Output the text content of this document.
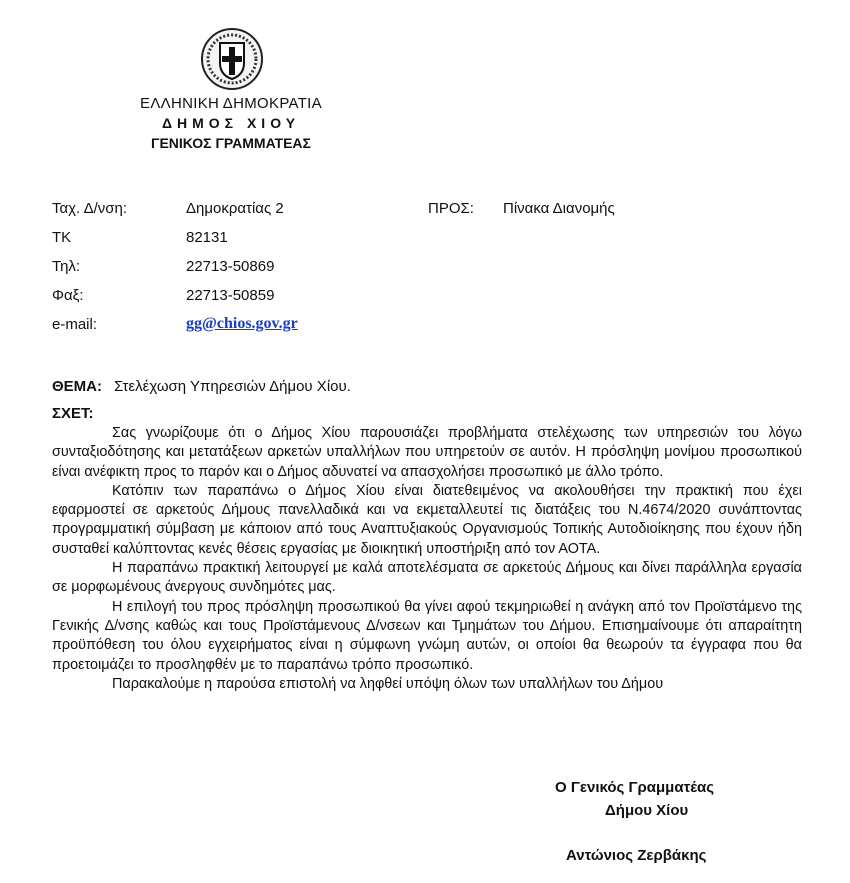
ΕΛΛΗΝΙΚΗ ΔΗΜΟΚΡΑΤΙΑ
ΔΗΜΟΣ ΧΙΟΥ
ΓΕΝΙΚΟΣ ΓΡΑΜΜΑΤΕΑΣ
Ταχ. Δ/νση:	Δημοκρατίας 2
ΤΚ	82131
Τηλ:	22713-50869
Φαξ:	22713-50859
e-mail:	gg@chios.gov.gr
ΠΡΟΣ: Πίνακα Διανομής
ΘΕΜΑ: Στελέχωση Υπηρεσιών Δήμου Χίου.
ΣΧΕΤ:

Σας γνωρίζουμε ότι ο Δήμος Χίου παρουσιάζει προβλήματα στελέχωσης των υπηρεσιών του λόγω συνταξιοδότησης και μετατάξεων αρκετών υπαλλήλων που υπηρετούν σε αυτόν. Η πρόσληψη μονίμου προσωπικού είναι ανέφικτη προς το παρόν και ο Δήμος αδυνατεί να απασχολήσει προσωπικό με άλλο τρόπο.

Κατόπιν των παραπάνω ο Δήμος Χίου είναι διατεθειμένος να ακολουθήσει την πρακτική που έχει εφαρμοστεί σε αρκετούς Δήμους πανελλαδικά και να εκμεταλλευτεί τις διατάξεις του Ν.4674/2020 συνάπτοντας προγραμματική σύμβαση με κάποιον από τους Αναπτυξιακούς Οργανισμούς Τοπικής Αυτοδιοίκησης που έχουν ήδη συσταθεί καλύπτοντας κενές θέσεις εργασίας με διοικητική υποστήριξη από τον ΑΟΤΑ.

Η παραπάνω πρακτική λειτουργεί με καλά αποτελέσματα σε αρκετούς Δήμους και δίνει παράλληλα εργασία σε μορφωμένους άνεργους συνδημότες μας.

Η επιλογή του προς πρόσληψη προσωπικού θα γίνει αφού τεκμηριωθεί η ανάγκη από τον Προϊστάμενο της Γενικής Δ/νσης καθώς και τους Προϊστάμενους Δ/νσεων και Τμημάτων του Δήμου. Επισημαίνουμε ότι απαραίτητη προϋπόθεση του όλου εγχειρήματος είναι η σύμφωνη γνώμη αυτών, οι οποίοι θα θεωρούν τα έγγραφα που θα προετοιμάζει το προσληφθέν με το παραπάνω τρόπο προσωπικό.

Παρακαλούμε η παρούσα επιστολή να ληφθεί υπόψη όλων των υπαλλήλων του Δήμου

Ο Γενικός Γραμματέας
Δήμου Χίου
Αντώνιος Ζερβάκης
